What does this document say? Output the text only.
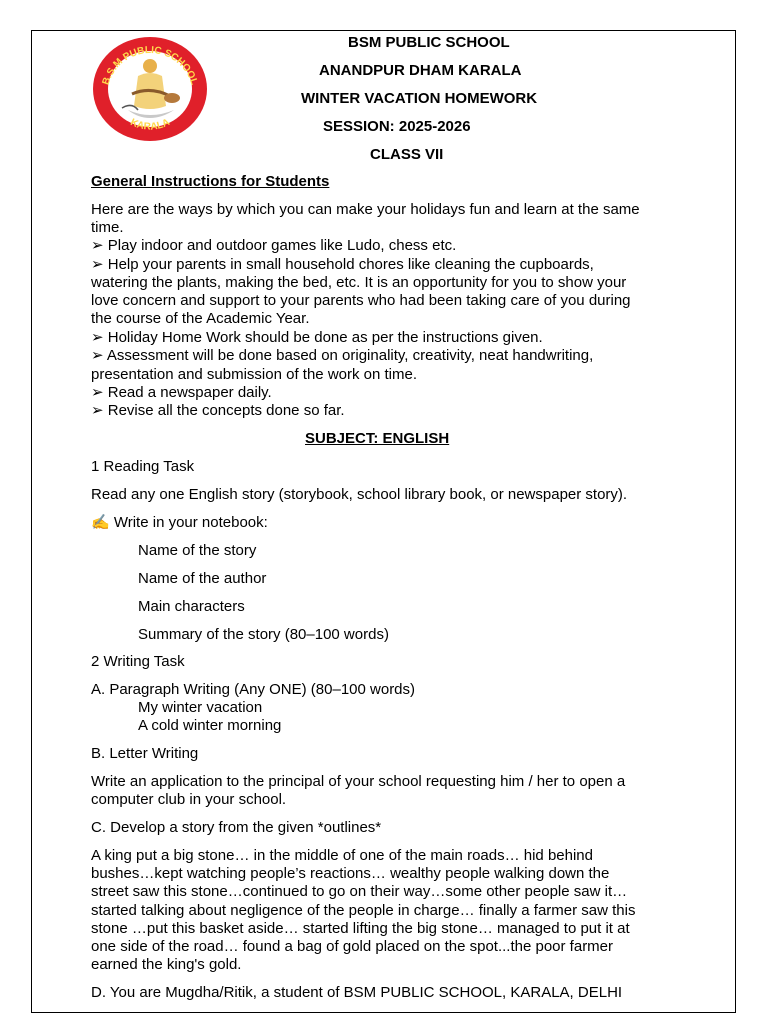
B.S.M PUBLIC SCHOOL
KARALA
BSM PUBLIC SCHOOL
ANANDPUR DHAM KARALA
WINTER VACATION HOMEWORK
SESSION: 2025-2026
CLASS VII
General Instructions for Students
Here are the ways by which you can make your holidays fun and learn at the same
time.
➢ Play indoor and outdoor games like Ludo, chess etc.
➢ Help your parents in small household chores like cleaning the cupboards,
watering the plants, making the bed, etc. It is an opportunity for you to show your
love concern and support to your parents who had been taking care of you during
the course of the Academic Year.
➢ Holiday Home Work should be done as per the instructions given.
➢ Assessment will be done based on originality, creativity, neat handwriting,
presentation and submission of the work on time.
➢ Read a newspaper daily.
➢ Revise all the concepts done so far.
SUBJECT: ENGLISH
1 Reading Task
Read any one English story (storybook, school library book, or newspaper story).
✍ Write in your notebook:
Name of the story
Name of the author
Main characters
Summary of the story (80–100 words)
2 Writing Task
A. Paragraph Writing (Any ONE) (80–100 words)
My winter vacation
A cold winter morning
B. Letter Writing
Write an application to the principal of your school requesting him / her to open a
computer club in your school.
C. Develop a story from the given *outlines*
A king put a big stone… in the middle of one of the main roads… hid behind
bushes…kept watching people’s reactions… wealthy people walking down the
street saw this stone…continued to go on their way…some other people saw it…
started talking about negligence of the people in charge… finally a farmer saw this
stone …put this basket aside… started lifting the big stone… managed to put it at
one side of the road… found a bag of gold placed on the spot...the poor farmer
earned the king's gold.
D. You are Mugdha/Ritik, a student of BSM PUBLIC SCHOOL, KARALA, DELHI
